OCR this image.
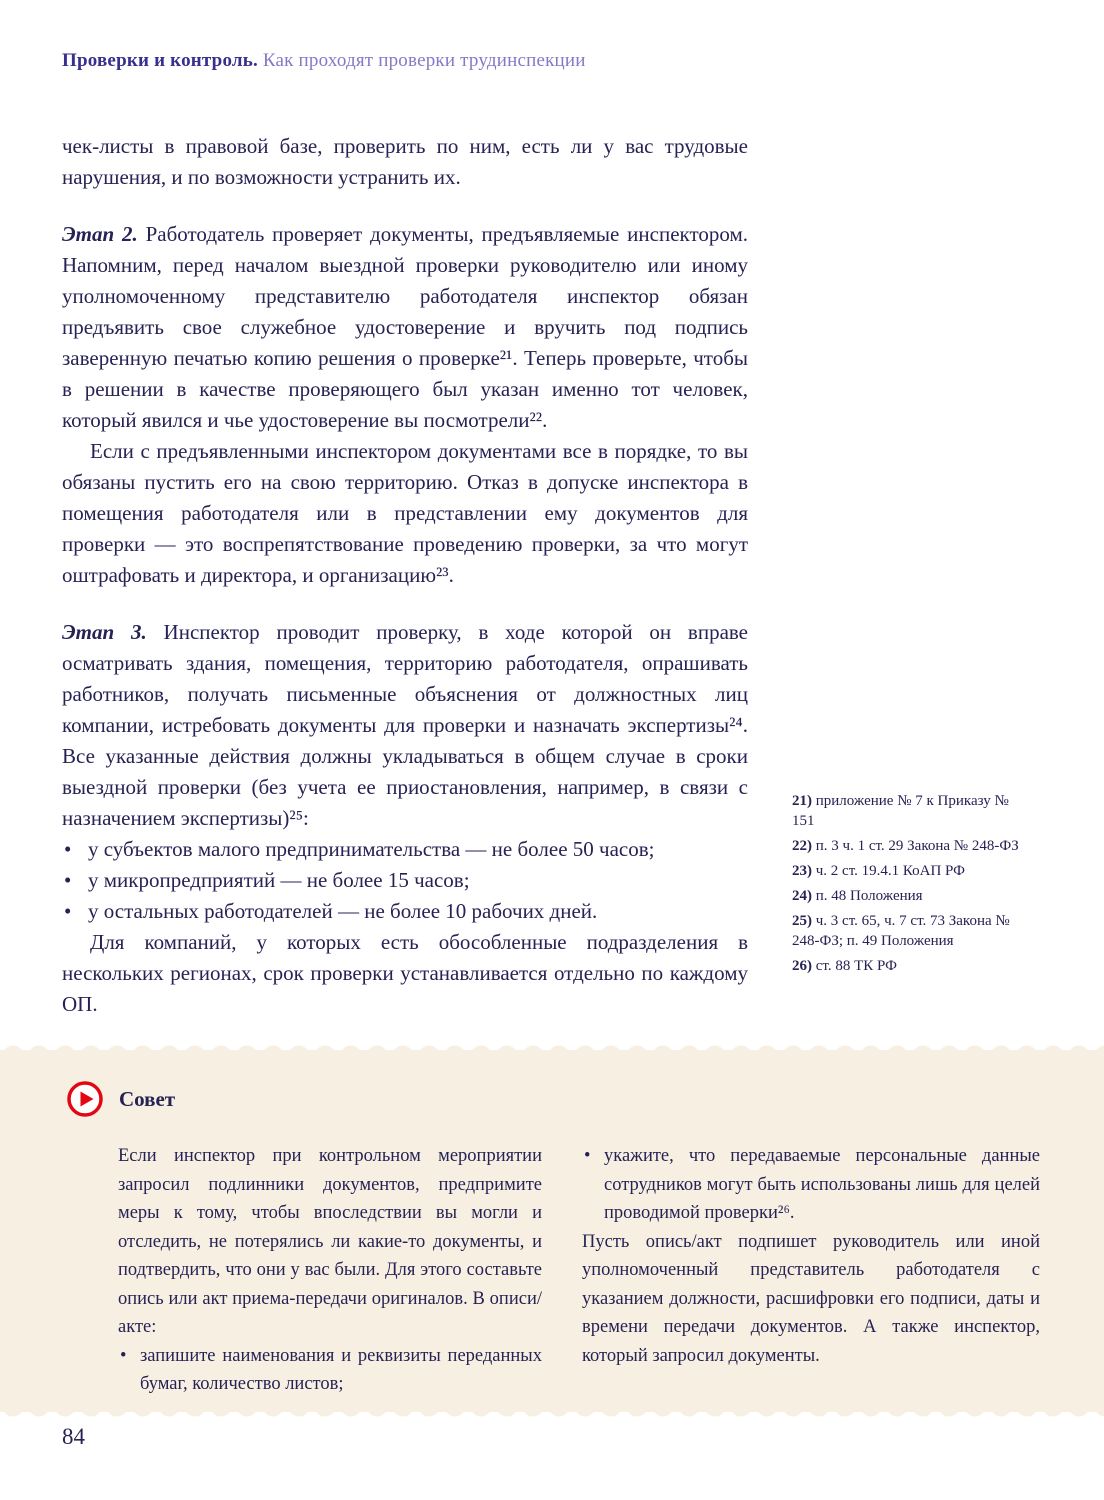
Проверки и контроль. Как проходят проверки трудинспекции

чек-листы в правовой базе, проверить по ним, есть ли у вас трудовые нарушения, и по возможности устранить их.

Этап 2. Работодатель проверяет документы, предъявляемые инспектором. Напомним, перед началом выездной проверки руководителю или иному уполномоченному представителю работодателя инспектор обязан предъявить свое служебное удостоверение и вручить под подпись заверенную печатью копию решения о проверке²¹. Теперь проверьте, чтобы в решении в качестве проверяющего был указан именно тот человек, который явился и чье удостоверение вы посмотрели²².

Если с предъявленными инспектором документами все в порядке, то вы обязаны пустить его на свою территорию. Отказ в допуске инспектора в помещения работодателя или в представлении ему документов для проверки — это воспрепятствование проведению проверки, за что могут оштрафовать и директора, и организацию²³.

Этап 3. Инспектор проводит проверку, в ходе которой он вправе осматривать здания, помещения, территорию работодателя, опрашивать работников, получать письменные объяснения от должностных лиц компании, истребовать документы для проверки и назначать экспертизы²⁴. Все указанные действия должны укладываться в общем случае в сроки выездной проверки (без учета ее приостановления, например, в связи с назначением экспертизы)²⁵:

• у субъектов малого предпринимательства — не более 50 часов;
• у микропредприятий — не более 15 часов;
• у остальных работодателей — не более 10 рабочих дней.

Для компаний, у которых есть обособленные подразделения в нескольких регионах, срок проверки устанавливается отдельно по каждому ОП.

21) приложение № 7 к Приказу № 151
22) п. 3 ч. 1 ст. 29 Закона № 248-ФЗ
23) ч. 2 ст. 19.4.1 КоАП РФ
24) п. 48 Положения
25) ч. 3 ст. 65, ч. 7 ст. 73 Закона № 248-ФЗ; п. 49 Положения
26) ст. 88 ТК РФ
Совет

Если инспектор при контрольном мероприятии запросил подлинники документов, предпримите меры к тому, чтобы впоследствии вы могли и отследить, не потерялись ли какие-то документы, и подтвердить, что они у вас были. Для этого составьте опись или акт приема-передачи оригиналов. В описи/акте:

• запишите наименования и реквизиты переданных бумаг, количество листов;
• укажите, что передаваемые персональные данные сотрудников могут быть использованы лишь для целей проводимой проверки²⁶.

Пусть опись/акт подпишет руководитель или иной уполномоченный представитель работодателя с указанием должности, расшифровки его подписи, даты и времени передачи документов. А также инспектор, который запросил документы.

84
